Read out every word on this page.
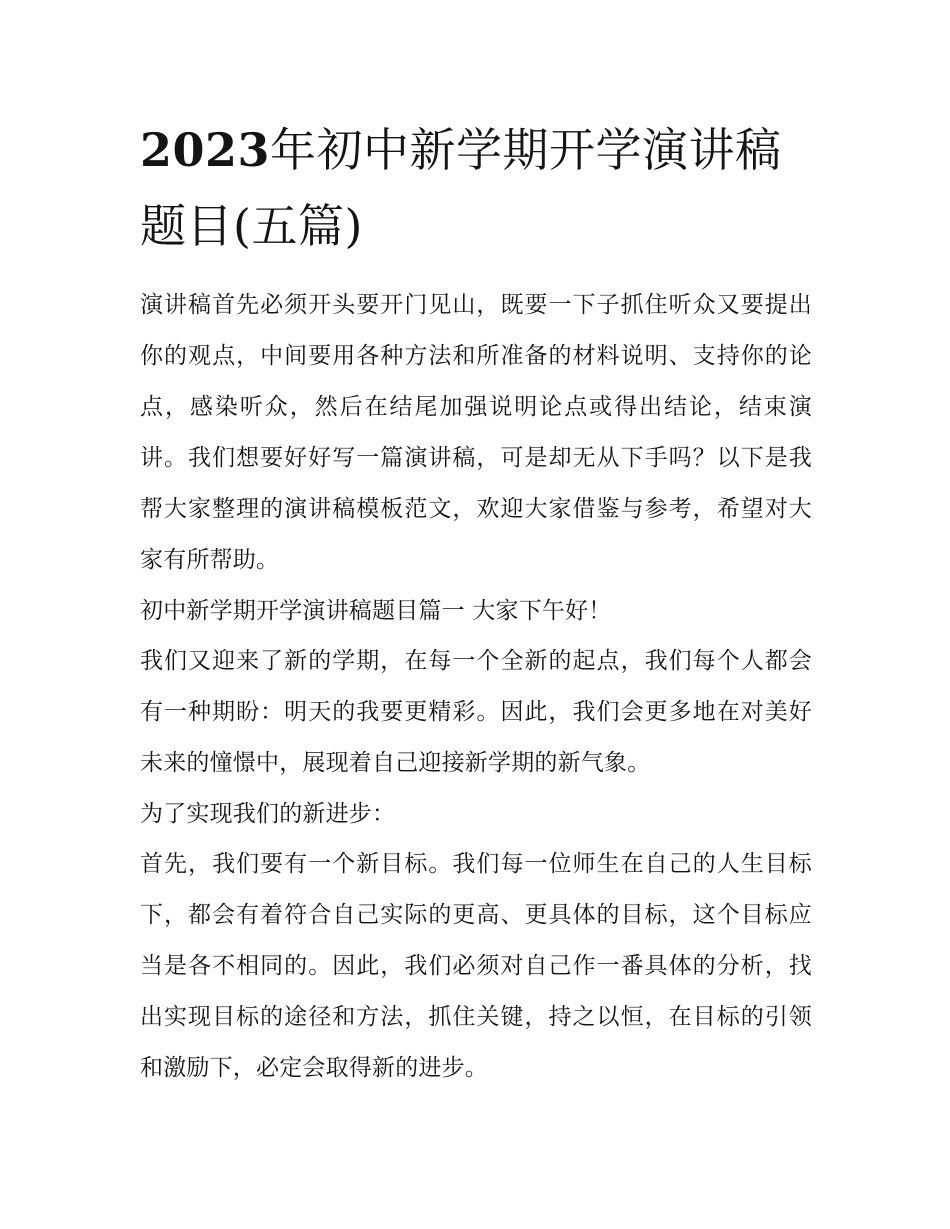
2023年初中新学期开学演讲稿题目(五篇)

演讲稿首先必须开头要开门见山，既要一下子抓住听众又要提出你的观点，中间要用各种方法和所准备的材料说明、支持你的论点，感染听众，然后在结尾加强说明论点或得出结论，结束演讲。我们想要好好写一篇演讲稿，可是却无从下手吗？以下是我帮大家整理的演讲稿模板范文，欢迎大家借鉴与参考，希望对大家有所帮助。

初中新学期开学演讲稿题目篇一 大家下午好！

我们又迎来了新的学期，在每一个全新的起点，我们每个人都会有一种期盼：明天的我要更精彩。因此，我们会更多地在对美好未来的憧憬中，展现着自己迎接新学期的新气象。

为了实现我们的新进步：

首先，我们要有一个新目标。我们每一位师生在自己的人生目标下，都会有着符合自己实际的更高、更具体的目标，这个目标应当是各不相同的。因此，我们必须对自己作一番具体的分析，找出实现目标的途径和方法，抓住关键，持之以恒，在目标的引领和激励下，必定会取得新的进步。
